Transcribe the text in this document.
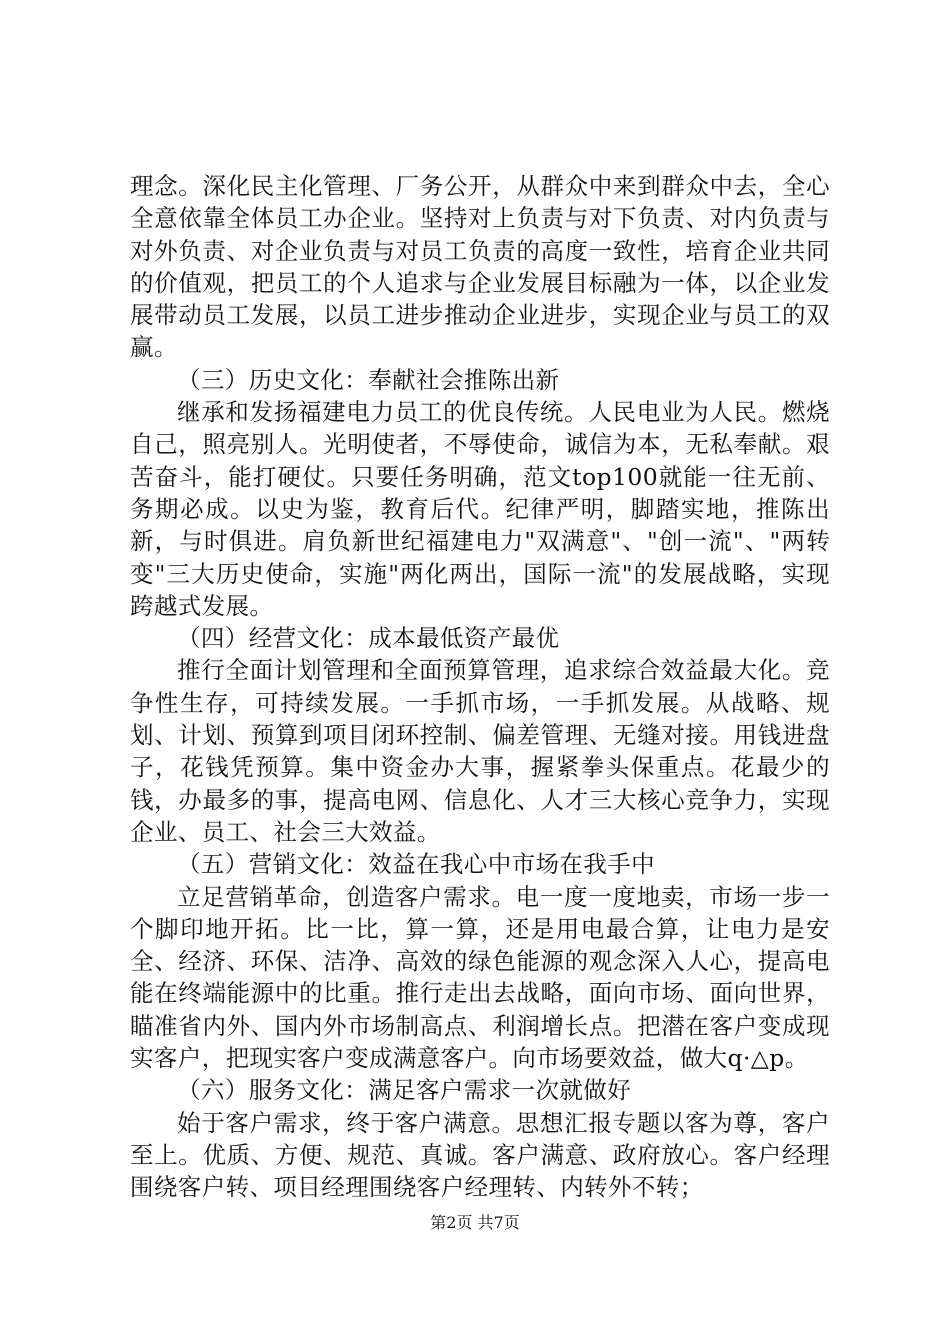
理念。深化民主化管理、厂务公开，从群众中来到群众中去，全心全意依靠全体员工办企业。坚持对上负责与对下负责、对内负责与对外负责、对企业负责与对员工负责的高度一致性，培育企业共同的价值观，把员工的个人追求与企业发展目标融为一体，以企业发展带动员工发展，以员工进步推动企业进步，实现企业与员工的双赢。

（三）历史文化：奉献社会推陈出新

继承和发扬福建电力员工的优良传统。人民电业为人民。燃烧自己，照亮别人。光明使者，不辱使命，诚信为本，无私奉献。艰苦奋斗，能打硬仗。只要任务明确，范文top100就能一往无前、务期必成。以史为鉴，教育后代。纪律严明，脚踏实地，推陈出新，与时俱进。肩负新世纪福建电力"双满意"、"创一流"、"两转变"三大历史使命，实施"两化两出，国际一流"的发展战略，实现跨越式发展。

（四）经营文化：成本最低资产最优

推行全面计划管理和全面预算管理，追求综合效益最大化。竞争性生存，可持续发展。一手抓市场，一手抓发展。从战略、规划、计划、预算到项目闭环控制、偏差管理、无缝对接。用钱进盘子，花钱凭预算。集中资金办大事，握紧拳头保重点。花最少的钱，办最多的事，提高电网、信息化、人才三大核心竞争力，实现企业、员工、社会三大效益。

（五）营销文化：效益在我心中市场在我手中

立足营销革命，创造客户需求。电一度一度地卖，市场一步一个脚印地开拓。比一比，算一算，还是用电最合算，让电力是安全、经济、环保、洁净、高效的绿色能源的观念深入人心，提高电能在终端能源中的比重。推行走出去战略，面向市场、面向世界，瞄准省内外、国内外市场制高点、利润增长点。把潜在客户变成现实客户，把现实客户变成满意客户。向市场要效益，做大q·△p。

（六）服务文化：满足客户需求一次就做好

始于客户需求，终于客户满意。思想汇报专题以客为尊，客户至上。优质、方便、规范、真诚。客户满意、政府放心。客户经理围绕客户转、项目经理围绕客户经理转、内转外不转；

第2页 共7页
